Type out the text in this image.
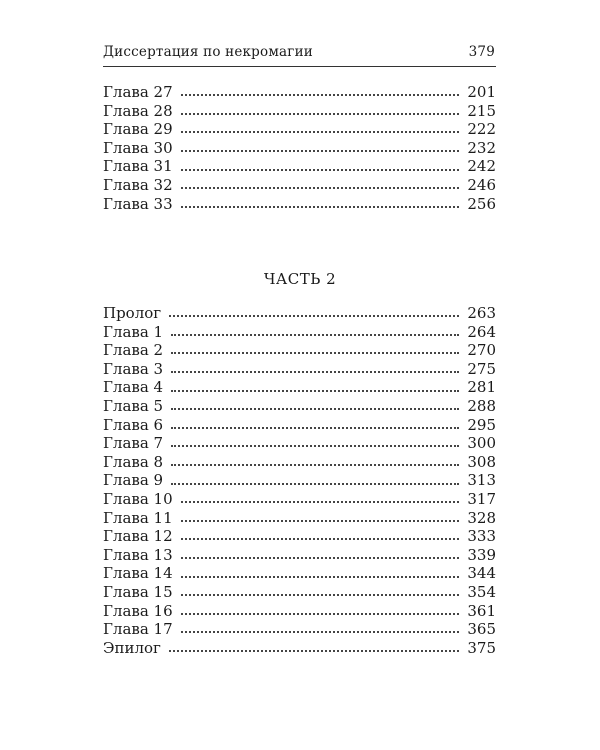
Диссертация по некромагии	379
Глава 27	201
Глава 28	215
Глава 29	222
Глава 30	232
Глава 31	242
Глава 32	246
Глава 33	256
ЧАСТЬ 2
Пролог	263
Глава 1	264
Глава 2	270
Глава 3	275
Глава 4	281
Глава 5	288
Глава 6	295
Глава 7	300
Глава 8	308
Глава 9	313
Глава 10	317
Глава 11	328
Глава 12	333
Глава 13	339
Глава 14	344
Глава 15	354
Глава 16	361
Глава 17	365
Эпилог	375
